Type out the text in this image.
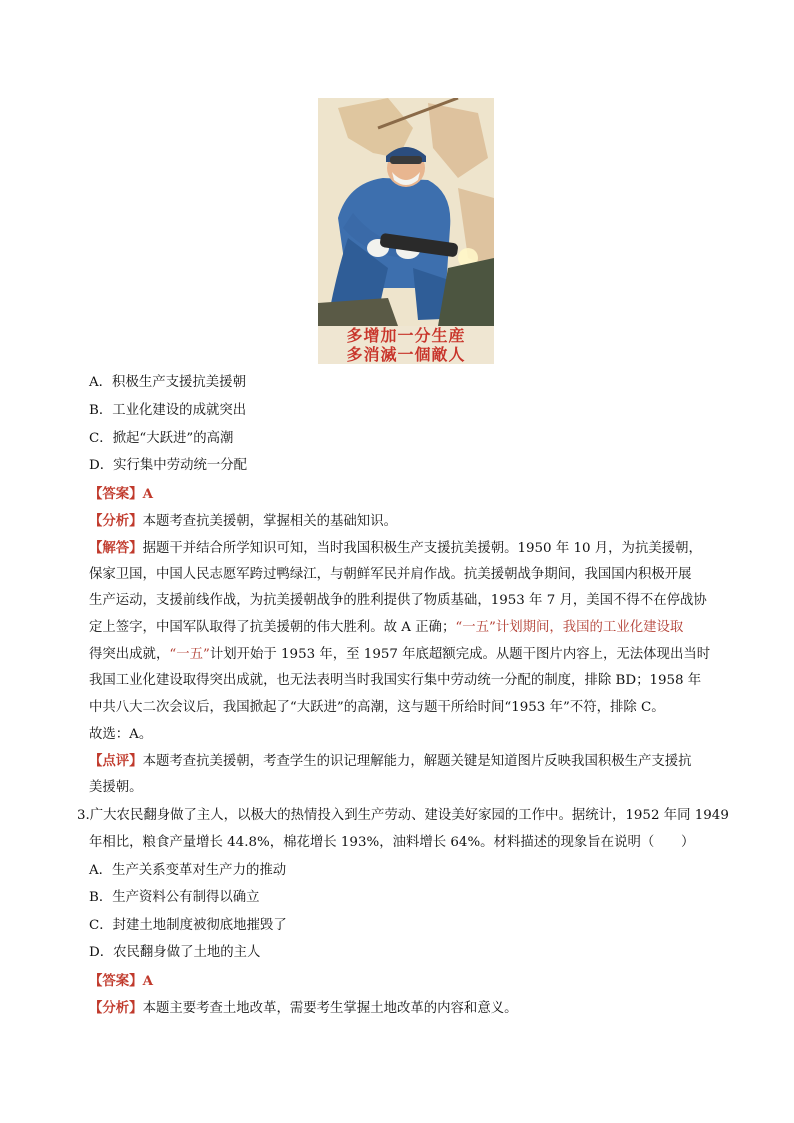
多增加一分生産
多消滅一個敵人
A．积极生产支援抗美援朝
B．工业化建设的成就突出
C．掀起“大跃进”的高潮
D．实行集中劳动统一分配
【答案】A
【分析】本题考查抗美援朝，掌握相关的基础知识。
【解答】据题干并结合所学知识可知，当时我国积极生产支援抗美援朝。1950 年 10 月，为抗美援朝，
保家卫国，中国人民志愿军跨过鸭绿江，与朝鲜军民并肩作战。抗美援朝战争期间，我国国内积极开展
生产运动，支援前线作战，为抗美援朝战争的胜利提供了物质基础，1953 年 7 月，美国不得不在停战协
定上签字，中国军队取得了抗美援朝的伟大胜利。故 A 正确；“一五”计划期间，我国的工业化建设取
得突出成就，“一五”计划开始于 1953 年，至 1957 年底超额完成。从题干图片内容上，无法体现出当时
我国工业化建设取得突出成就，也无法表明当时我国实行集中劳动统一分配的制度，排除 BD；1958 年
中共八大二次会议后，我国掀起了“大跃进”的高潮，这与题干所给时间“1953 年”不符，排除 C。
故选：A。
【点评】本题考查抗美援朝，考查学生的识记理解能力，解题关键是知道图片反映我国积极生产支援抗
美援朝。
3.广大农民翻身做了主人，以极大的热情投入到生产劳动、建设美好家园的工作中。据统计，1952 年同 1949
年相比，粮食产量增长 44.8%，棉花增长 193%，油料增长 64%。材料描述的现象旨在说明（　　）
A．生产关系变革对生产力的推动
B．生产资料公有制得以确立
C．封建土地制度被彻底地摧毁了
D．农民翻身做了土地的主人
【答案】A
【分析】本题主要考查土地改革，需要考生掌握土地改革的内容和意义。
